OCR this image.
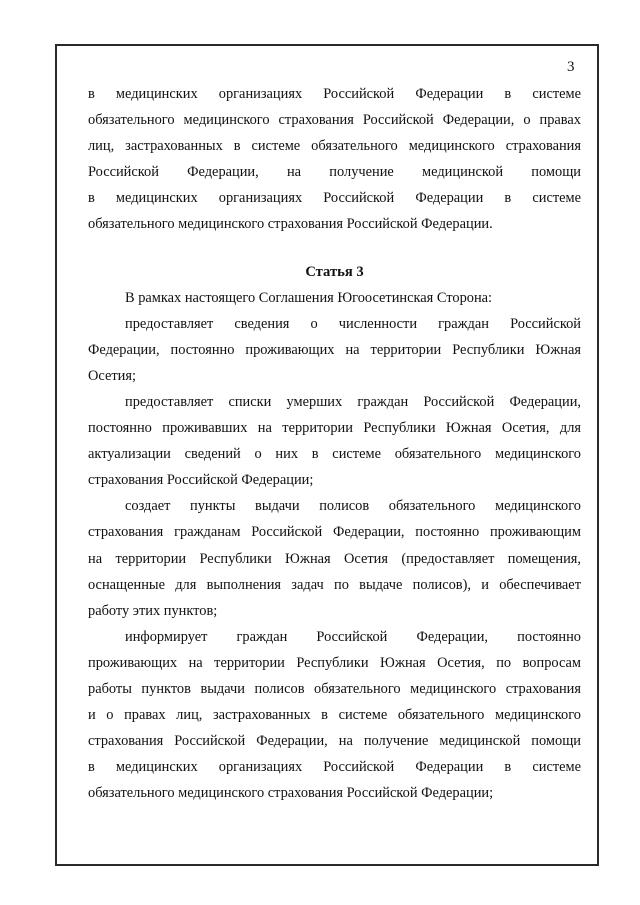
3
в медицинских организациях Российской Федерации в системе
обязательного медицинского страхования Российской Федерации, о правах
лиц, застрахованных в системе обязательного медицинского страхования
Российской Федерации, на получение медицинской помощи
в медицинских организациях Российской Федерации в системе
обязательного медицинского страхования Российской Федерации.
Статья 3
В рамках настоящего Соглашения Югоосетинская Сторона:
предоставляет сведения о численности граждан Российской
Федерации, постоянно проживающих на территории Республики Южная
Осетия;
предоставляет списки умерших граждан Российской Федерации,
постоянно проживавших на территории Республики Южная Осетия, для
актуализации сведений о них в системе обязательного медицинского
страхования Российской Федерации;
создает пункты выдачи полисов обязательного медицинского
страхования гражданам Российской Федерации, постоянно проживающим
на территории Республики Южная Осетия (предоставляет помещения,
оснащенные для выполнения задач по выдаче полисов), и обеспечивает
работу этих пунктов;
информирует граждан Российской Федерации, постоянно
проживающих на территории Республики Южная Осетия, по вопросам
работы пунктов выдачи полисов обязательного медицинского страхования
и о правах лиц, застрахованных в системе обязательного медицинского
страхования Российской Федерации, на получение медицинской помощи
в медицинских организациях Российской Федерации в системе
обязательного медицинского страхования Российской Федерации;
